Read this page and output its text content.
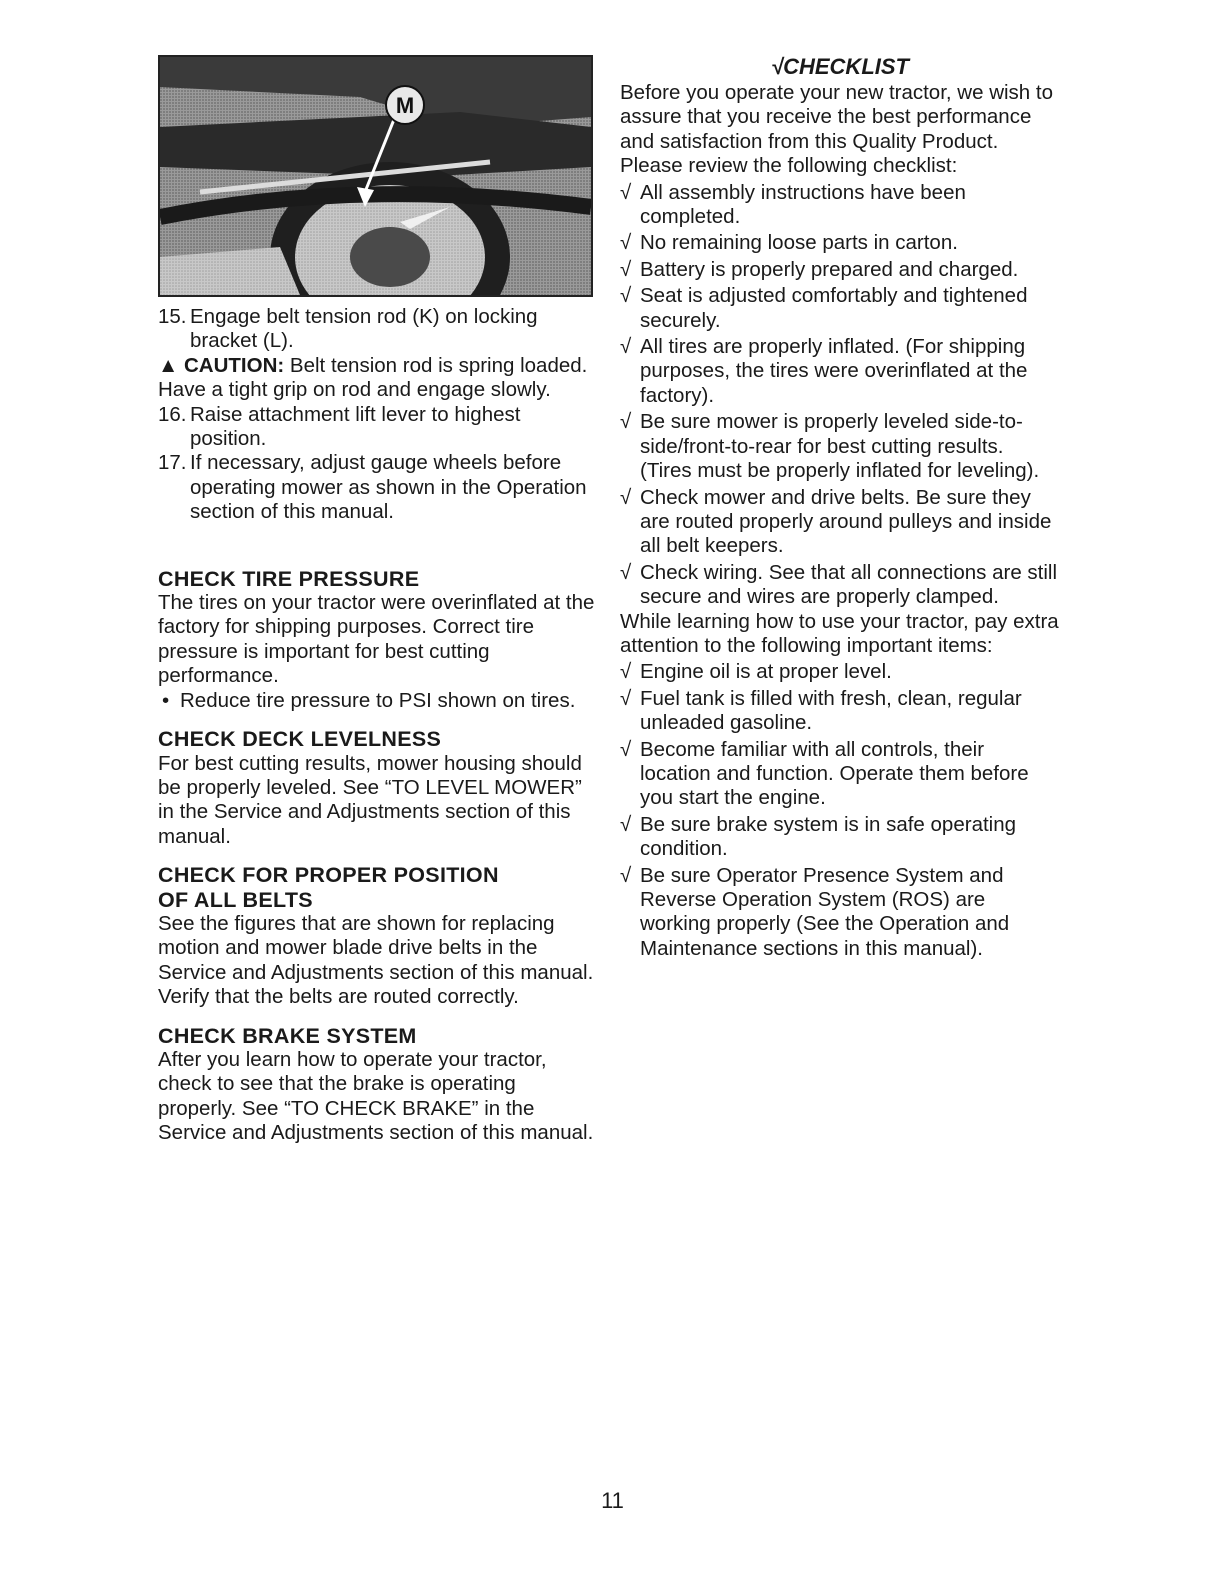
M
15. Engage belt tension rod (K) on locking bracket (L).

▲ CAUTION: Belt tension rod is spring loaded. Have a tight grip on rod and engage slowly.

16. Raise attachment lift lever to highest position.
17. If necessary, adjust gauge wheels before operating mower as shown in the Operation section of this manual.
CHECK TIRE PRESSURE

The tires on your tractor were overinflated at the factory for shipping purposes. Correct tire pressure is important for best cutting performance.

• Reduce tire pressure to PSI shown on tires.
CHECK DECK LEVELNESS

For best cutting results, mower housing should be properly leveled. See “TO LEVEL MOWER” in the Service and Adjustments section of this manual.

CHECK FOR PROPER POSITION
OF ALL BELTS

See the figures that are shown for replacing motion and mower blade drive belts in the Service and Adjustments section of this manual. Verify that the belts are routed correctly.

CHECK BRAKE SYSTEM

After you learn how to operate your tractor, check to see that the brake is operating properly. See “TO CHECK BRAKE” in the Service and Adjustments section of this manual.

√CHECKLIST

Before you operate your new tractor, we wish to assure that you receive the best performance and satisfaction from this Quality Product.

Please review the following checklist:

√ All assembly instructions have been completed.
√ No remaining loose parts in carton.
√ Battery is properly prepared and charged.
√ Seat is adjusted comfortably and tightened securely.
√ All tires are properly inflated. (For shipping purposes, the tires were overinflated at the factory).
√ Be sure mower is properly leveled side-to-side/front-to-rear for best cutting results. (Tires must be properly inflated for leveling).
√ Check mower and drive belts. Be sure they are routed properly around pulleys and inside all belt keepers.
√ Check wiring. See that all connections are still secure and wires are properly clamped.

While learning how to use your tractor, pay extra attention to the following important items:

√ Engine oil is at proper level.
√ Fuel tank is filled with fresh, clean, regular unleaded gasoline.
√ Become familiar with all controls, their location and function. Operate them before you start the engine.
√ Be sure brake system is in safe operating condition.
√ Be sure Operator Presence System and Reverse Operation System (ROS) are working properly (See the Operation and Maintenance sections in this manual).
11
